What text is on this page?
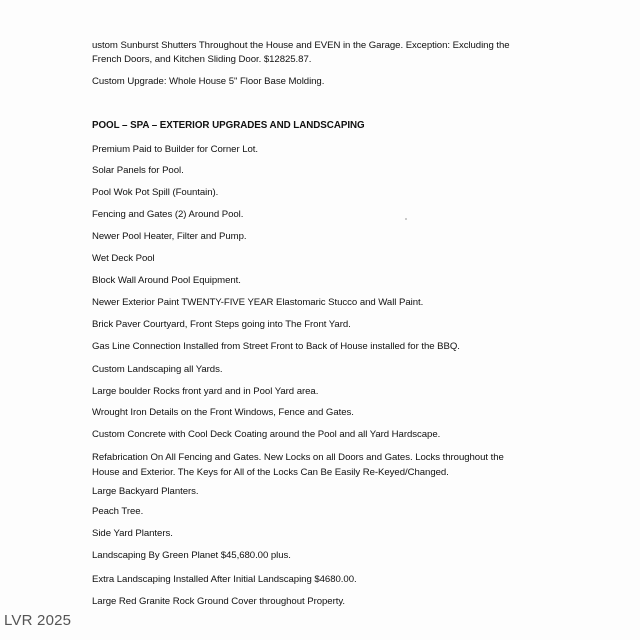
ustom Sunburst Shutters Throughout the House and EVEN in the Garage. Exception: Excluding the
French Doors, and Kitchen Sliding Door. $12825.87.
Custom Upgrade: Whole House 5" Floor Base Molding.
POOL – SPA – EXTERIOR UPGRADES AND LANDSCAPING
Premium Paid to Builder for Corner Lot.
Solar Panels for Pool.
Pool Wok Pot Spill (Fountain).
Fencing and Gates (2) Around Pool.
Newer Pool Heater, Filter and Pump.
Wet Deck Pool
Block Wall Around Pool Equipment.
Newer Exterior Paint TWENTY-FIVE YEAR Elastomaric Stucco and Wall Paint.
Brick Paver Courtyard, Front Steps going into The Front Yard.
Gas Line Connection Installed from Street Front to Back of House installed for the BBQ.
Custom Landscaping all Yards.
Large boulder Rocks front yard and in Pool Yard area.
Wrought Iron Details on the Front Windows, Fence and Gates.
Custom Concrete with Cool Deck Coating around the Pool and all Yard Hardscape.
Refabrication On All Fencing and Gates. New Locks on all Doors and Gates. Locks throughout the
House and Exterior. The Keys for All of the Locks Can Be Easily Re-Keyed/Changed.
Large Backyard Planters.
Peach Tree.
Side Yard Planters.
Landscaping By Green Planet $45,680.00 plus.
Extra Landscaping Installed After Initial Landscaping $4680.00.
Large Red Granite Rock Ground Cover throughout Property.
LVR 2025
